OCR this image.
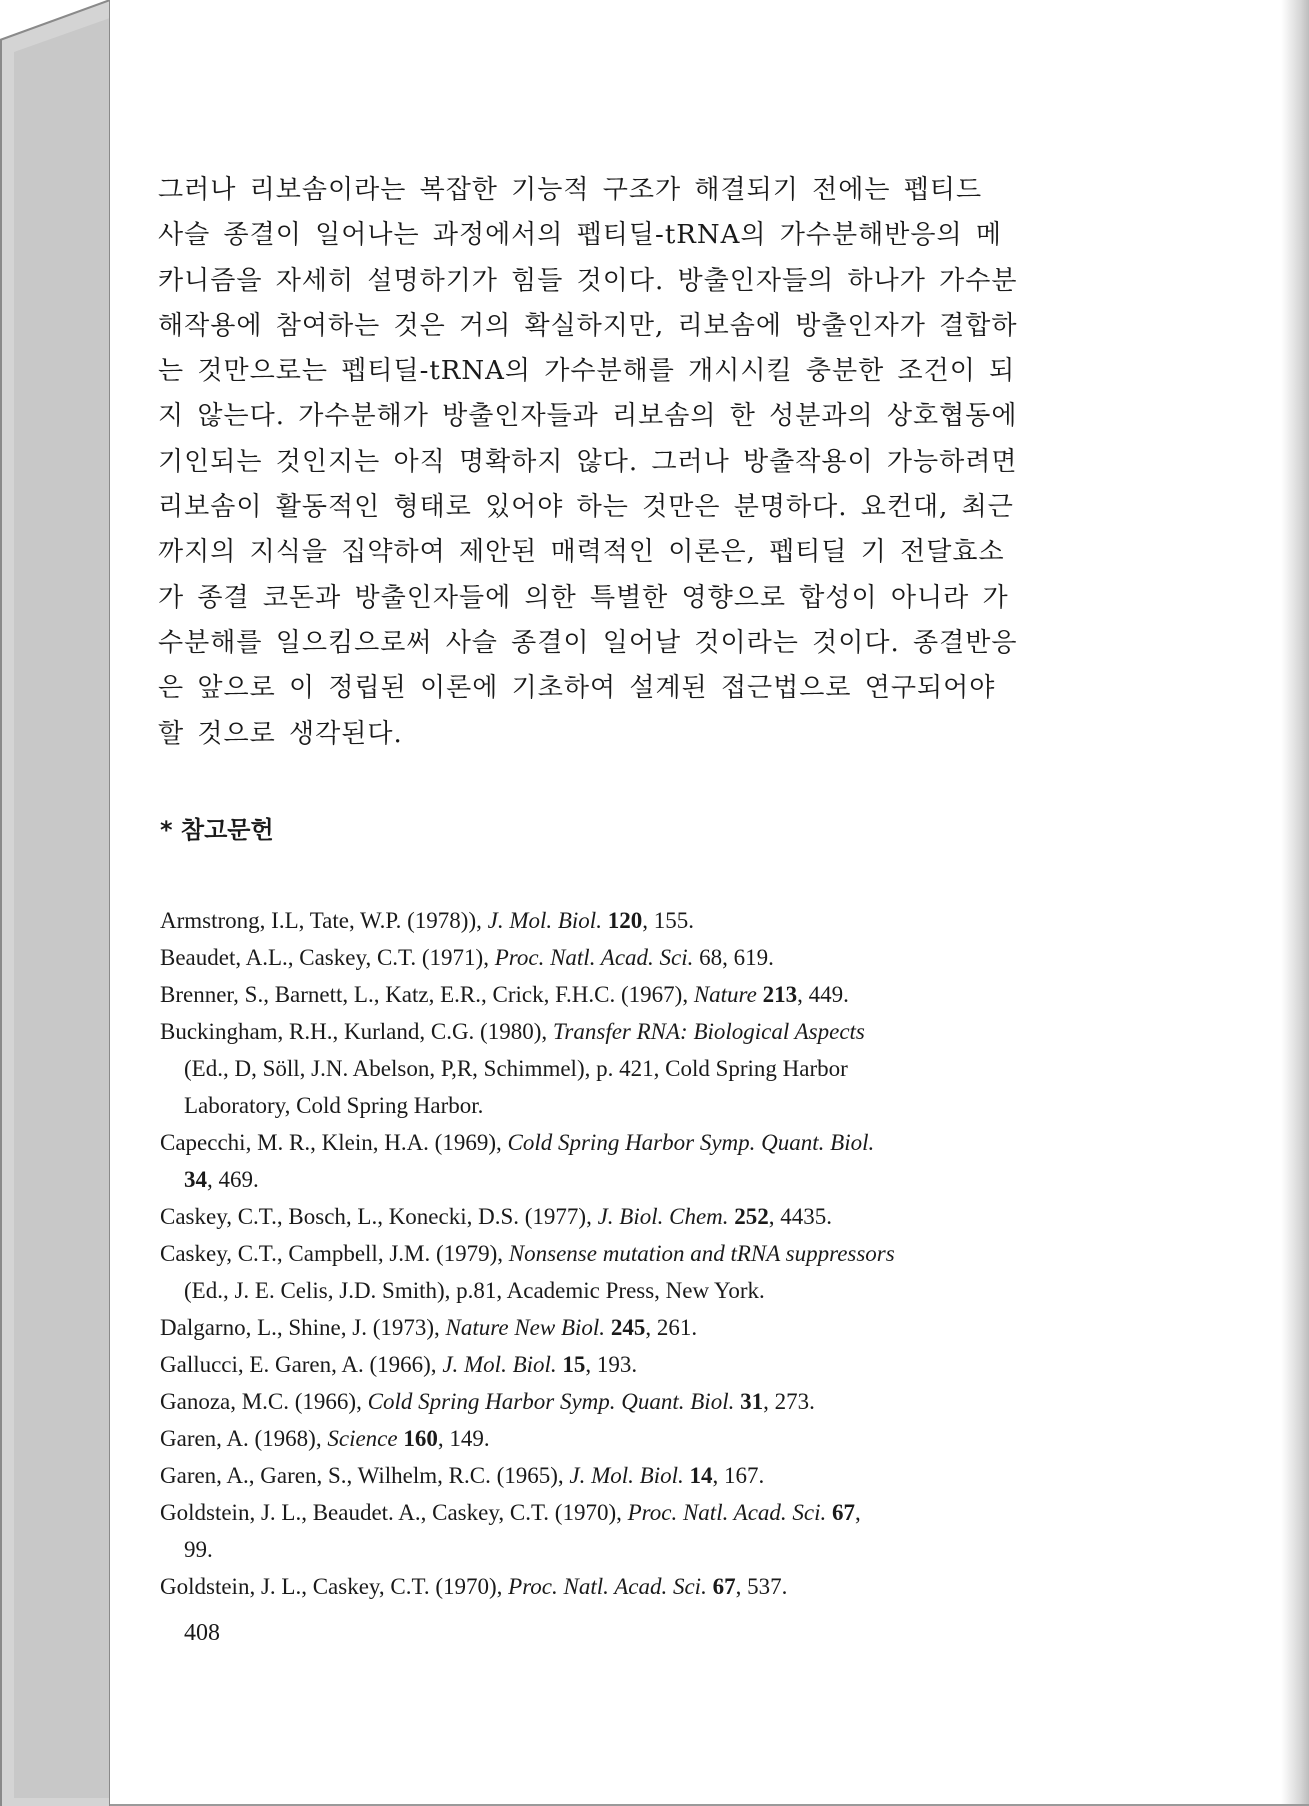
그러나 리보솜이라는 복잡한 기능적 구조가 해결되기 전에는 펩티드
사슬 종결이 일어나는 과정에서의 펩티딜-tRNA의 가수분해반응의 메
카니즘을 자세히 설명하기가 힘들 것이다. 방출인자들의 하나가 가수분
해작용에 참여하는 것은 거의 확실하지만, 리보솜에 방출인자가 결합하
는 것만으로는 펩티딜-tRNA의 가수분해를 개시시킬 충분한 조건이 되
지 않는다. 가수분해가 방출인자들과 리보솜의 한 성분과의 상호협동에
기인되는 것인지는 아직 명확하지 않다. 그러나 방출작용이 가능하려면
리보솜이 활동적인 형태로 있어야 하는 것만은 분명하다. 요컨대, 최근
까지의 지식을 집약하여 제안된 매력적인 이론은, 펩티딜 기 전달효소
가 종결 코돈과 방출인자들에 의한 특별한 영향으로 합성이 아니라 가
수분해를 일으킴으로써 사슬 종결이 일어날 것이라는 것이다. 종결반응
은 앞으로 이 정립된 이론에 기초하여 설계된 접근법으로 연구되어야
할 것으로 생각된다.
* 참고문헌
Armstrong, I.L, Tate, W.P. (1978)), J. Mol. Biol. 120, 155.
Beaudet, A.L., Caskey, C.T. (1971), Proc. Natl. Acad. Sci. 68, 619.
Brenner, S., Barnett, L., Katz, E.R., Crick, F.H.C. (1967), Nature 213, 449.
Buckingham, R.H., Kurland, C.G. (1980), Transfer RNA: Biological Aspects
(Ed., D, Söll, J.N. Abelson, P,R, Schimmel), p. 421, Cold Spring Harbor
Laboratory, Cold Spring Harbor.
Capecchi, M. R., Klein, H.A. (1969), Cold Spring Harbor Symp. Quant. Biol.
34, 469.
Caskey, C.T., Bosch, L., Konecki, D.S. (1977), J. Biol. Chem. 252, 4435.
Caskey, C.T., Campbell, J.M. (1979), Nonsense mutation and tRNA suppressors
(Ed., J. E. Celis, J.D. Smith), p.81, Academic Press, New York.
Dalgarno, L., Shine, J. (1973), Nature New Biol. 245, 261.
Gallucci, E. Garen, A. (1966), J. Mol. Biol. 15, 193.
Ganoza, M.C. (1966), Cold Spring Harbor Symp. Quant. Biol. 31, 273.
Garen, A. (1968), Science 160, 149.
Garen, A., Garen, S., Wilhelm, R.C. (1965), J. Mol. Biol. 14, 167.
Goldstein, J. L., Beaudet. A., Caskey, C.T. (1970), Proc. Natl. Acad. Sci. 67,
99.
Goldstein, J. L., Caskey, C.T. (1970), Proc. Natl. Acad. Sci. 67, 537.
408
